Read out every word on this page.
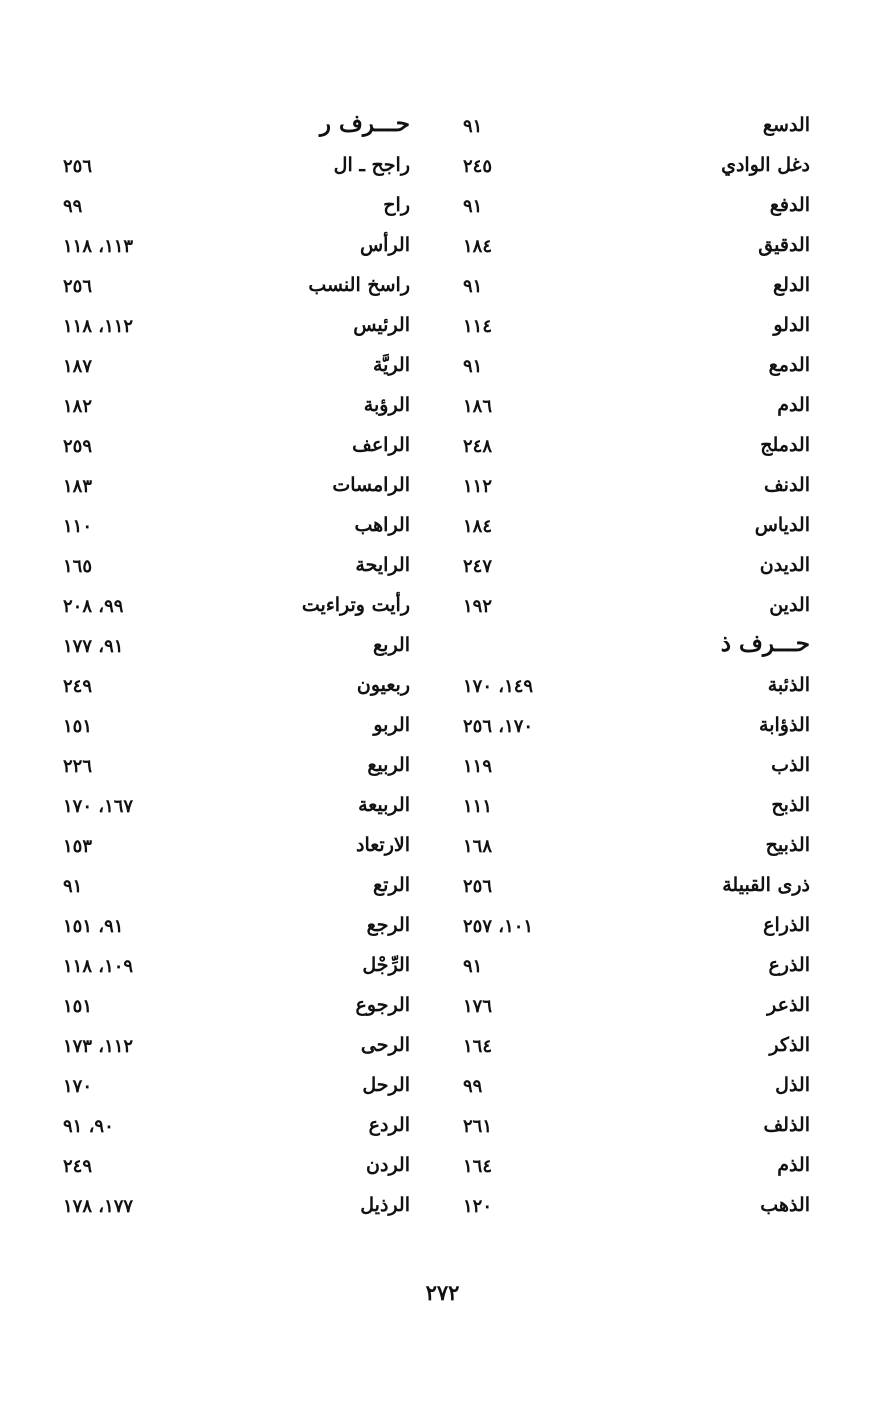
الدسع
٩١
دغل الوادي
٢٤٥
الدفع
٩١
الدقيق
١٨٤
الدلع
٩١
الدلو
١١٤
الدمع
٩١
الدم
١٨٦
الدملج
٢٤٨
الدنف
١١٢
الدياس
١٨٤
الديدن
٢٤٧
الدين
١٩٢
حـــرف ذ
الذئبة
١٤٩، ١٧٠
الذؤابة
١٧٠، ٢٥٦
الذب
١١٩
الذبح
١١١
الذبيح
١٦٨
ذرى القبيلة
٢٥٦
الذراع
١٠١، ٢٥٧
الذرع
٩١
الذعر
١٧٦
الذكر
١٦٤
الذل
٩٩
الذلف
٢٦١
الذم
١٦٤
الذهب
١٢٠
حـــرف ر
راجح ـ ال
٢٥٦
راح
٩٩
الرأس
١١٣، ١١٨
راسخ النسب
٢٥٦
الرئيس
١١٢، ١١٨
الريَّة
١٨٧
الرؤبة
١٨٢
الراعف
٢٥٩
الرامسات
١٨٣
الراهب
١١٠
الرايحة
١٦٥
رأيت وتراءيت
٩٩، ٢٠٨
الربع
٩١، ١٧٧
ربعيون
٢٤٩
الربو
١٥١
الربيع
٢٢٦
الربيعة
١٦٧، ١٧٠
الارتعاد
١٥٣
الرتع
٩١
الرجع
٩١، ١٥١
الرِّجْل
١٠٩، ١١٨
الرجوع
١٥١
الرحى
١١٢، ١٧٣
الرحل
١٧٠
الردع
٩٠، ٩١
الردن
٢٤٩
الرذيل
١٧٧، ١٧٨
٢٧٢
